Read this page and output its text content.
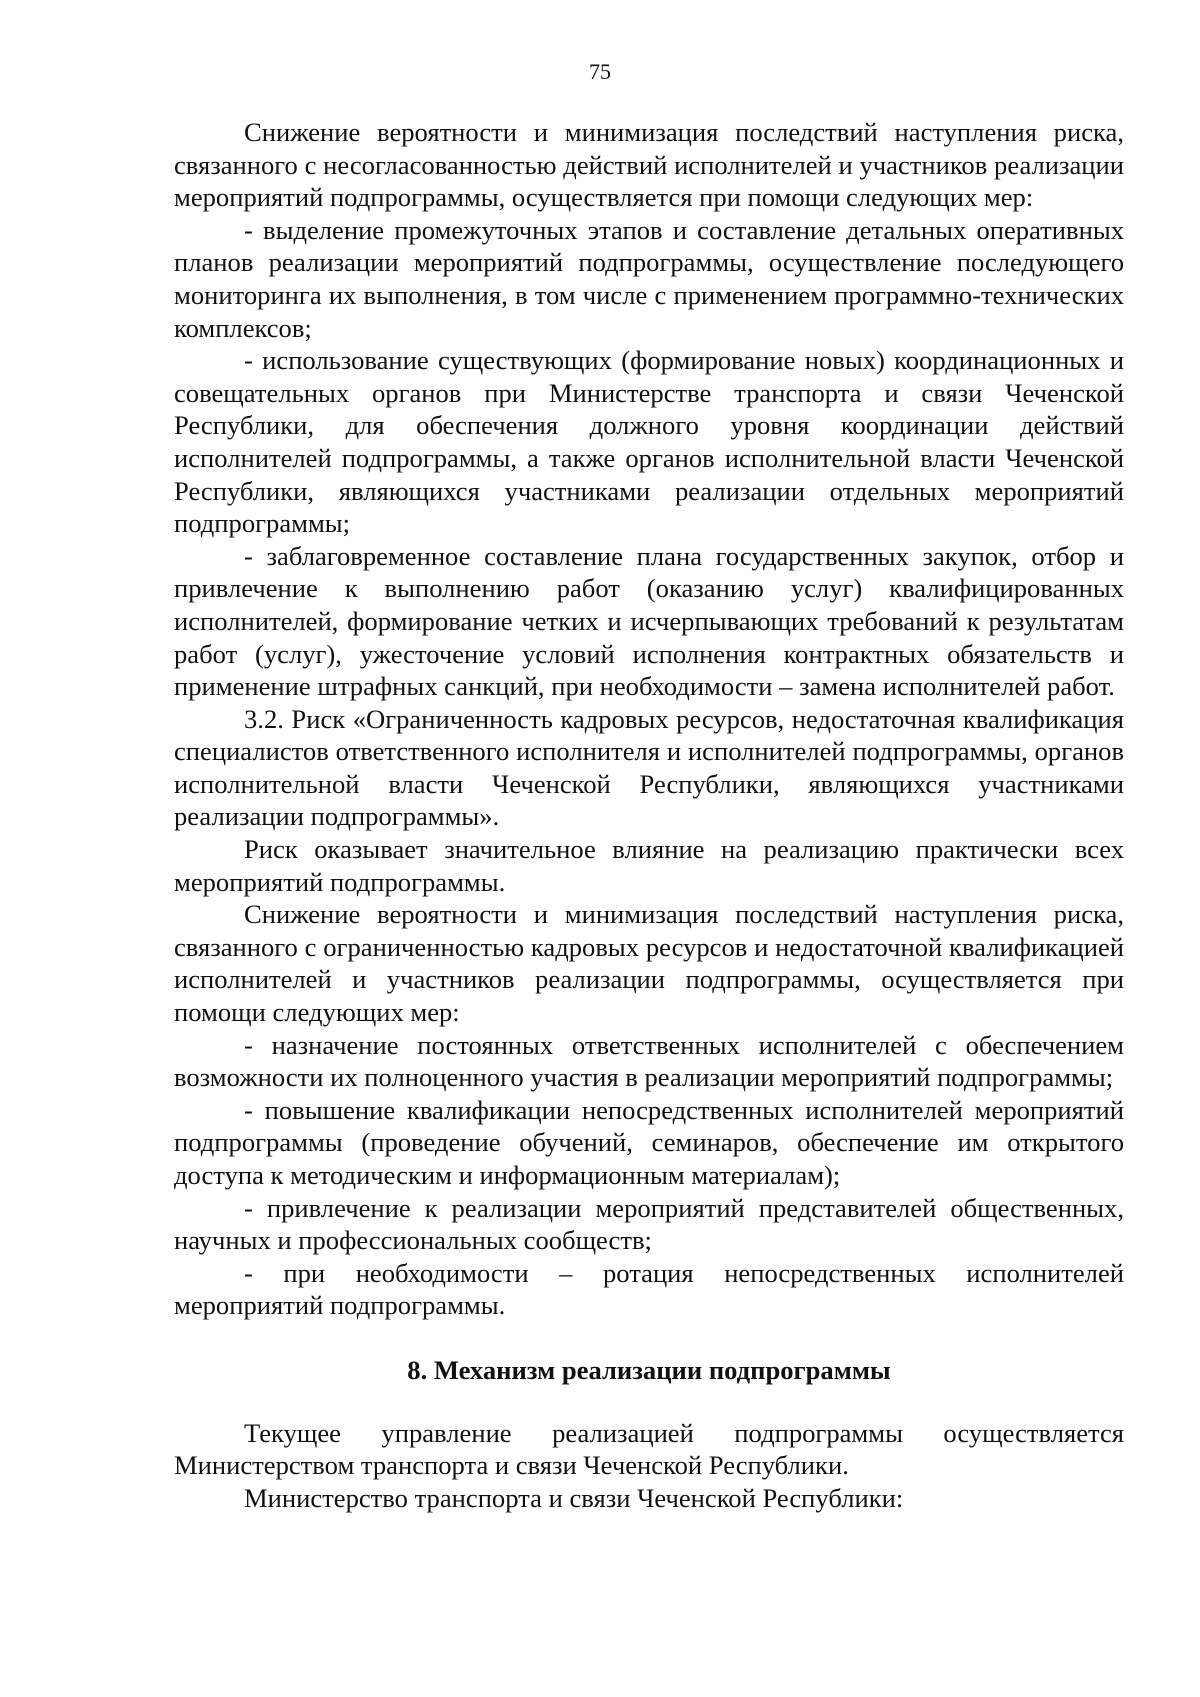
75

Снижение вероятности и минимизация последствий наступления риска, связанного с несогласованностью действий исполнителей и участников реализации мероприятий подпрограммы, осуществляется при помощи следующих мер:

- выделение промежуточных этапов и составление детальных оперативных планов реализации мероприятий подпрограммы, осуществление последующего мониторинга их выполнения, в том числе с применением программно-технических комплексов;

- использование существующих (формирование новых) координационных и совещательных органов при Министерстве транспорта и связи Чеченской Республики, для обеспечения должного уровня координации действий исполнителей подпрограммы, а также органов исполнительной власти Чеченской Республики, являющихся участниками реализации отдельных мероприятий подпрограммы;

- заблаговременное составление плана государственных закупок, отбор и привлечение к выполнению работ (оказанию услуг) квалифицированных исполнителей, формирование четких и исчерпывающих требований к результатам работ (услуг), ужесточение условий исполнения контрактных обязательств и применение штрафных санкций, при необходимости – замена исполнителей работ.

3.2. Риск «Ограниченность кадровых ресурсов, недостаточная квалификация специалистов ответственного исполнителя и исполнителей подпрограммы, органов исполнительной власти Чеченской Республики, являющихся участниками реализации подпрограммы».

Риск оказывает значительное влияние на реализацию практически всех мероприятий подпрограммы.

Снижение вероятности и минимизация последствий наступления риска, связанного с ограниченностью кадровых ресурсов и недостаточной квалификацией исполнителей и участников реализации подпрограммы, осуществляется при помощи следующих мер:

- назначение постоянных ответственных исполнителей с обеспечением возможности их полноценного участия в реализации мероприятий подпрограммы;

- повышение квалификации непосредственных исполнителей мероприятий подпрограммы (проведение обучений, семинаров, обеспечение им открытого доступа к методическим и информационным материалам);

- привлечение к реализации мероприятий представителей общественных, научных и профессиональных сообществ;

- при необходимости – ротация непосредственных исполнителей мероприятий подпрограммы.

8. Механизм реализации подпрограммы

Текущее управление реализацией подпрограммы осуществляется Министерством транспорта и связи Чеченской Республики.

Министерство транспорта и связи Чеченской Республики:
